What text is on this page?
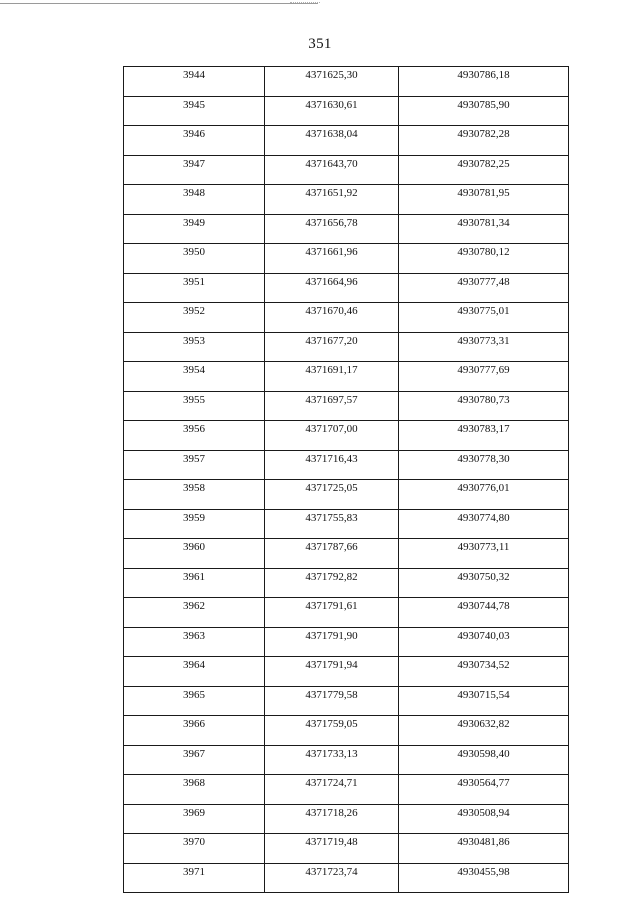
351
3944	4371625,30	4930786,18
3945	4371630,61	4930785,90
3946	4371638,04	4930782,28
3947	4371643,70	4930782,25
3948	4371651,92	4930781,95
3949	4371656,78	4930781,34
3950	4371661,96	4930780,12
3951	4371664,96	4930777,48
3952	4371670,46	4930775,01
3953	4371677,20	4930773,31
3954	4371691,17	4930777,69
3955	4371697,57	4930780,73
3956	4371707,00	4930783,17
3957	4371716,43	4930778,30
3958	4371725,05	4930776,01
3959	4371755,83	4930774,80
3960	4371787,66	4930773,11
3961	4371792,82	4930750,32
3962	4371791,61	4930744,78
3963	4371791,90	4930740,03
3964	4371791,94	4930734,52
3965	4371779,58	4930715,54
3966	4371759,05	4930632,82
3967	4371733,13	4930598,40
3968	4371724,71	4930564,77
3969	4371718,26	4930508,94
3970	4371719,48	4930481,86
3971	4371723,74	4930455,98
